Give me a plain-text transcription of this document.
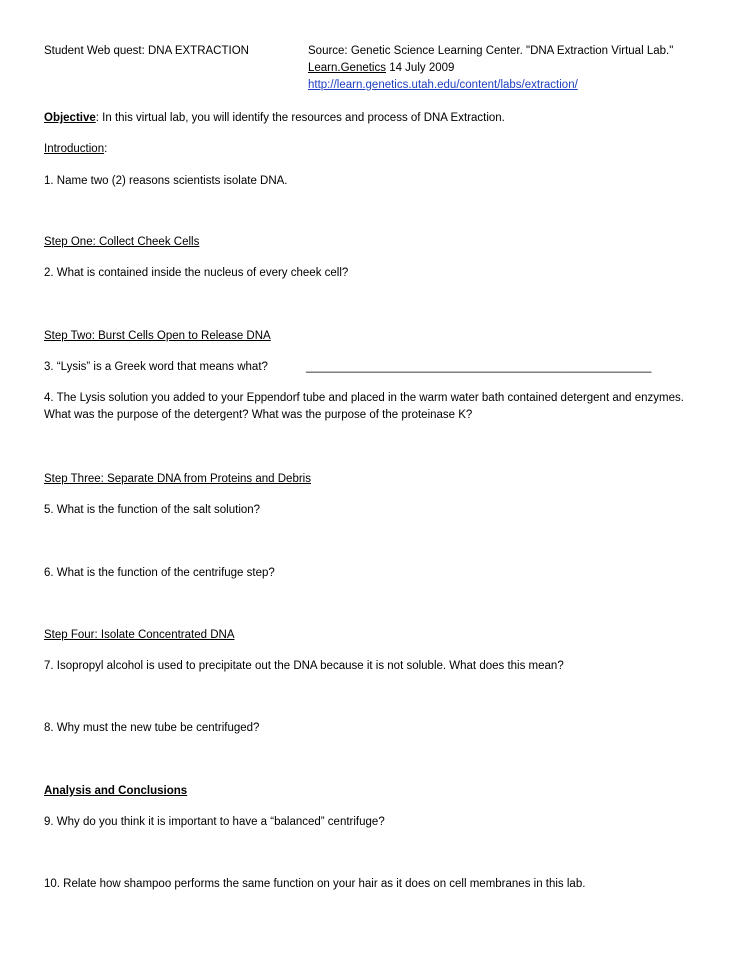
Student Web quest: DNA EXTRACTION	Source: Genetic Science Learning Center. "DNA Extraction Virtual Lab."
Learn.Genetics 14 July 2009
http://learn.genetics.utah.edu/content/labs/extraction/
Objective: In this virtual lab, you will identify the resources and process of DNA Extraction.
Introduction:
1. Name two (2) reasons scientists isolate DNA.
Step One: Collect Cheek Cells
2. What is contained inside the nucleus of every cheek cell?
Step Two: Burst Cells Open to Release DNA
3. “Lysis” is a Greek word that means what?	______________________________________________________
4. The Lysis solution you added to your Eppendorf tube and placed in the warm water bath contained detergent and enzymes. What was the purpose of the detergent? What was the purpose of the proteinase K?
Step Three: Separate DNA from Proteins and Debris
5. What is the function of the salt solution?
6. What is the function of the centrifuge step?
Step Four: Isolate Concentrated DNA
7. Isopropyl alcohol is used to precipitate out the DNA because it is not soluble. What does this mean?
8. Why must the new tube be centrifuged?
Analysis and Conclusions
9. Why do you think it is important to have a “balanced” centrifuge?
10. Relate how shampoo performs the same function on your hair as it does on cell membranes in this lab.
